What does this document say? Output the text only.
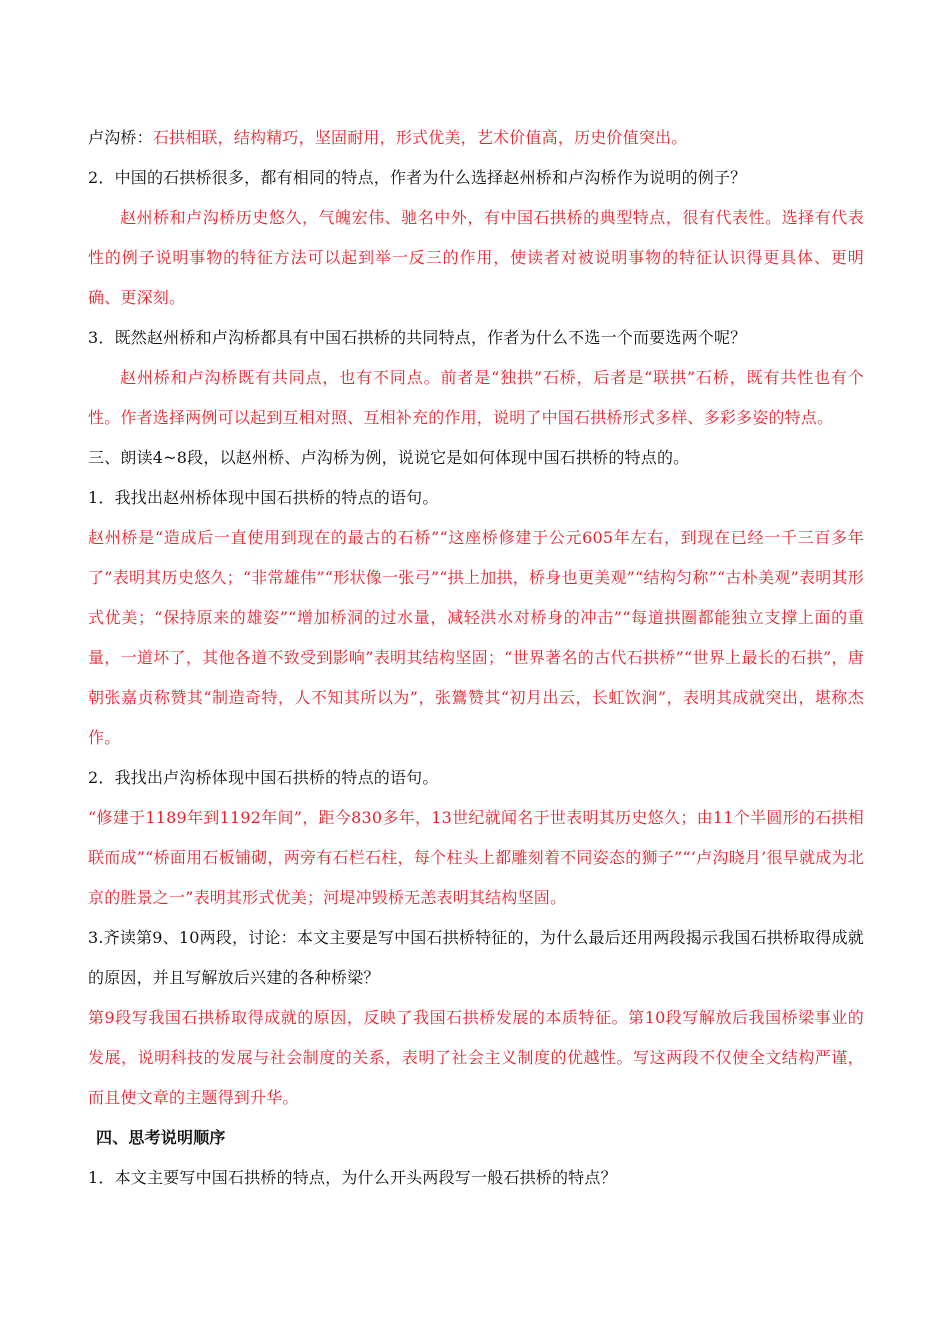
卢沟桥：石拱相联，结构精巧，坚固耐用，形式优美，艺术价值高，历史价值突出。

2．中国的石拱桥很多，都有相同的特点，作者为什么选择赵州桥和卢沟桥作为说明的例子？

赵州桥和卢沟桥历史悠久，气魄宏伟、驰名中外，有中国石拱桥的典型特点，很有代表性。选择有代表性的例子说明事物的特征方法可以起到举一反三的作用，使读者对被说明事物的特征认识得更具体、更明确、更深刻。

3．既然赵州桥和卢沟桥都具有中国石拱桥的共同特点，作者为什么不选一个而要选两个呢？

赵州桥和卢沟桥既有共同点，也有不同点。前者是“独拱”石桥，后者是“联拱”石桥，既有共性也有个性。作者选择两例可以起到互相对照、互相补充的作用，说明了中国石拱桥形式多样、多彩多姿的特点。

三、朗读4~8段，以赵州桥、卢沟桥为例，说说它是如何体现中国石拱桥的特点的。

1．我找出赵州桥体现中国石拱桥的特点的语句。

赵州桥是“造成后一直使用到现在的最古的石桥”“这座桥修建于公元605年左右，到现在已经一千三百多年了”表明其历史悠久；“非常雄伟”“形状像一张弓”“拱上加拱，桥身也更美观”“结构匀称”“古朴美观”表明其形式优美；“保持原来的雄姿”“增加桥洞的过水量，减轻洪水对桥身的冲击”“每道拱圈都能独立支撑上面的重量，一道坏了，其他各道不致受到影响”表明其结构坚固；“世界著名的古代石拱桥”“世界上最长的石拱”，唐朝张嘉贞称赞其“制造奇特，人不知其所以为”，张鷟赞其“初月出云，长虹饮涧”，表明其成就突出，堪称杰作。

2．我找出卢沟桥体现中国石拱桥的特点的语句。

“修建于1189年到1192年间”，距今830多年，13世纪就闻名于世表明其历史悠久；由11个半圆形的石拱相联而成”“桥面用石板铺砌，两旁有石栏石柱，每个柱头上都雕刻着不同姿态的狮子”“‘卢沟晓月’很早就成为北京的胜景之一”表明其形式优美；河堤冲毁桥无恙表明其结构坚固。

3.齐读第9、10两段，讨论：本文主要是写中国石拱桥特征的，为什么最后还用两段揭示我国石拱桥取得成就的原因，并且写解放后兴建的各种桥梁？

第9段写我国石拱桥取得成就的原因，反映了我国石拱桥发展的本质特征。第10段写解放后我国桥梁事业的发展，说明科技的发展与社会制度的关系，表明了社会主义制度的优越性。写这两段不仅使全文结构严谨，而且使文章的主题得到升华。

四、思考说明顺序

1．本文主要写中国石拱桥的特点，为什么开头两段写一般石拱桥的特点？
